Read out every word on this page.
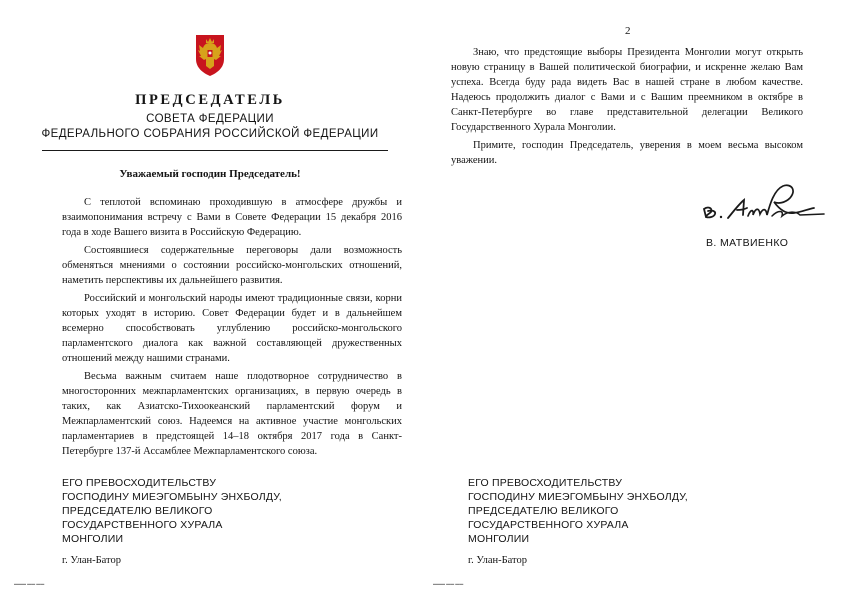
ПРЕДСЕДАТЕЛЬ
СОВЕТА ФЕДЕРАЦИИ
ФЕДЕРАЛЬНОГО СОБРАНИЯ РОССИЙСКОЙ ФЕДЕРАЦИИ
Уважаемый господин Председатель!

С теплотой вспоминаю проходившую в атмосфере дружбы и взаимопонимания встречу с Вами в Совете Федерации 15 декабря 2016 года в ходе Вашего визита в Российскую Федерацию.

Состоявшиеся содержательные переговоры дали возможность обменяться мнениями о состоянии российско-монгольских отношений, наметить перспективы их дальнейшего развития.

Российский и монгольский народы имеют традиционные связи, корни которых уходят в историю. Совет Федерации будет и в дальнейшем всемерно способствовать углублению российско-монгольского парламентского диалога как важной составляющей дружественных отношений между нашими странами.

Весьма важным считаем наше плодотворное сотрудничество в многосторонних межпарламентских организациях, в первую очередь в таких, как Азиатско-Тихоокеанский парламентский форум и Межпарламентский союз. Надеемся на активное участие монгольских парламентариев в предстоящей 14–18 октября 2017 года в Санкт-Петербурге 137-й Ассамблее Межпарламентского союза.

ЕГО ПРЕВОСХОДИТЕЛЬСТВУ
ГОСПОДИНУ МИЕЭГОМБЫНУ ЭНХБОЛДУ,
ПРЕДСЕДАТЕЛЮ ВЕЛИКОГО
ГОСУДАРСТВЕННОГО ХУРАЛА
МОНГОЛИИ
г. Улан-Батор
▬▬▬ ▬▬ ▬▬
2

Знаю, что предстоящие выборы Президента Монголии могут открыть новую страницу в Вашей политической биографии, и искренне желаю Вам успеха. Всегда буду рада видеть Вас в нашей стране в любом качестве. Надеюсь продолжить диалог с Вами и с Вашим преемником в октябре в Санкт-Петербурге во главе представительной делегации Великого Государственного Хурала Монголии.

Примите, господин Председатель, уверения в моем весьма высоком уважении.

В. МАТВИЕНКО
ЕГО ПРЕВОСХОДИТЕЛЬСТВУ
ГОСПОДИНУ МИЕЭГОМБЫНУ ЭНХБОЛДУ,
ПРЕДСЕДАТЕЛЮ ВЕЛИКОГО
ГОСУДАРСТВЕННОГО ХУРАЛА
МОНГОЛИИ
г. Улан-Батор
▬▬▬ ▬▬ ▬▬
